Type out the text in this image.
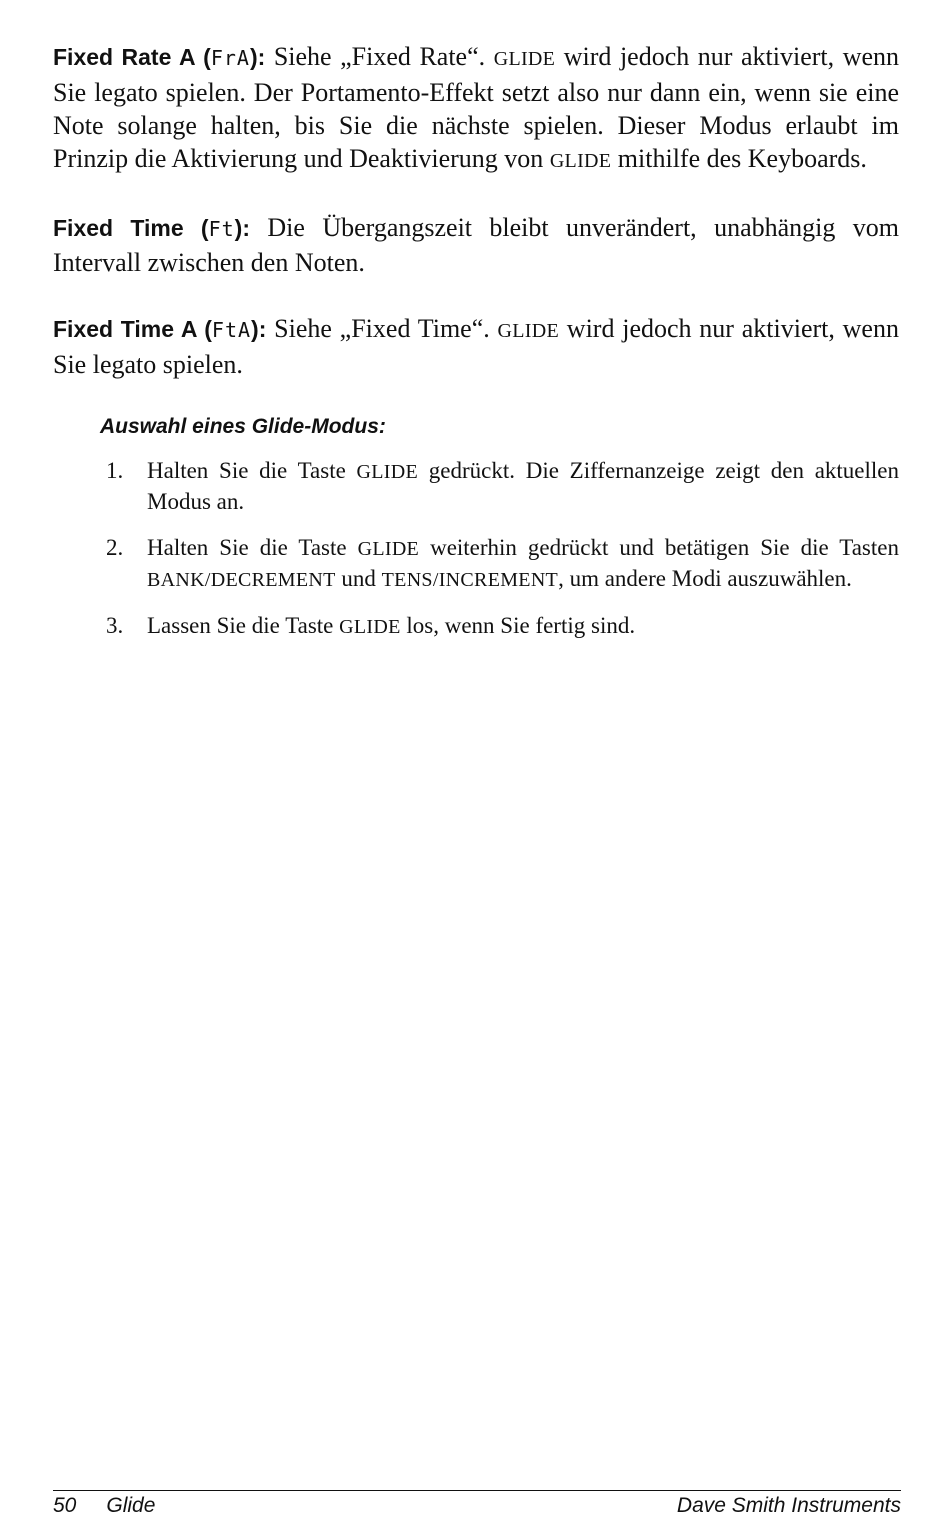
Fixed Rate A (FrA): Siehe „Fixed Rate“. GLIDE wird jedoch nur aktiviert, wenn Sie legato spielen. Der Portamento-Effekt setzt also nur dann ein, wenn sie eine Note solange halten, bis Sie die nächste spielen. Dieser Modus erlaubt im Prinzip die Aktivierung und Deaktivierung von GLIDE mithilfe des Keyboards.

Fixed Time (Ft): Die Übergangszeit bleibt unverändert, unabhängig vom Intervall zwischen den Noten.

Fixed Time A (FtA): Siehe „Fixed Time“. GLIDE wird jedoch nur aktiviert, wenn Sie legato spielen.

Auswahl eines Glide-Modus:
1. Halten Sie die Taste GLIDE gedrückt. Die Ziffernanzeige zeigt den aktuellen Modus an.
2. Halten Sie die Taste GLIDE weiterhin gedrückt und betätigen Sie die Tasten BANK/DECREMENT und TENS/INCREMENT, um andere Modi auszuwählen.
3. Lassen Sie die Taste GLIDE los, wenn Sie fertig sind.
50 Glide	Dave Smith Instruments
